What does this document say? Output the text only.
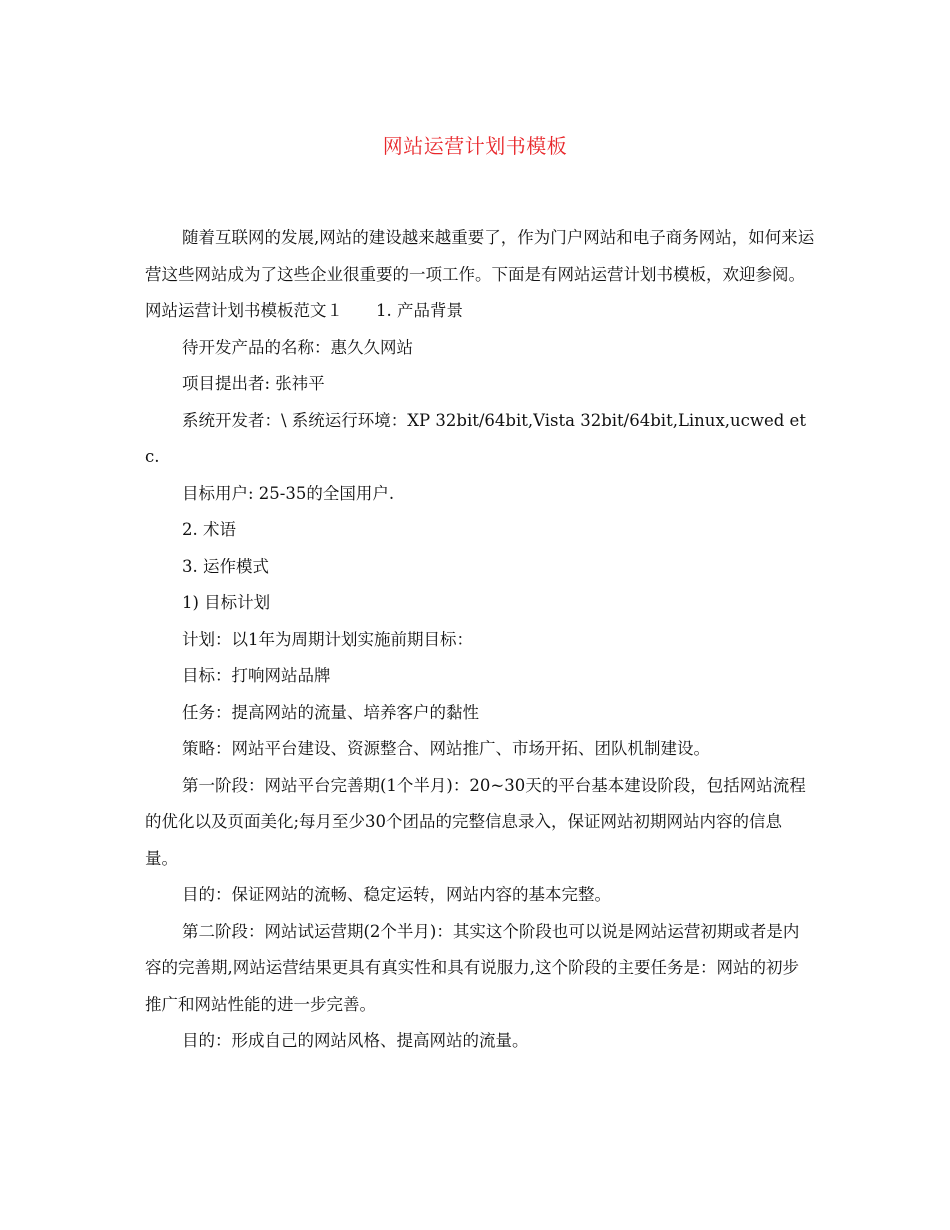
网站运营计划书模板

随着互联网的发展,网站的建设越来越重要了，作为门户网站和电子商务网站，如何来运营这些网站成为了这些企业很重要的一项工作。下面是有网站运营计划书模板，欢迎参阅。

网站运营计划书模板范文１　　1. 产品背景

待开发产品的名称：惠久久网站

项目提出者: 张祎平

系统开发者：\ 系统运行环境：XP 32bit/64bit,Vista 32bit/64bit,Linux,ucwed etc.

目标用户: 25-35的全国用户.

2. 术语

3. 运作模式

1) 目标计划

计划：以1年为周期计划实施前期目标：

目标：打响网站品牌

任务：提高网站的流量、培养客户的黏性

策略：网站平台建设、资源整合、网站推广、市场开拓、团队机制建设。

第一阶段：网站平台完善期(1个半月)：20~30天的平台基本建设阶段，包括网站流程的优化以及页面美化;每月至少30个团品的完整信息录入，保证网站初期网站内容的信息量。

目的：保证网站的流畅、稳定运转，网站内容的基本完整。

第二阶段：网站试运营期(2个半月)：其实这个阶段也可以说是网站运营初期或者是内容的完善期,网站运营结果更具有真实性和具有说服力,这个阶段的主要任务是：网站的初步推广和网站性能的进一步完善。

目的：形成自己的网站风格、提高网站的流量。
